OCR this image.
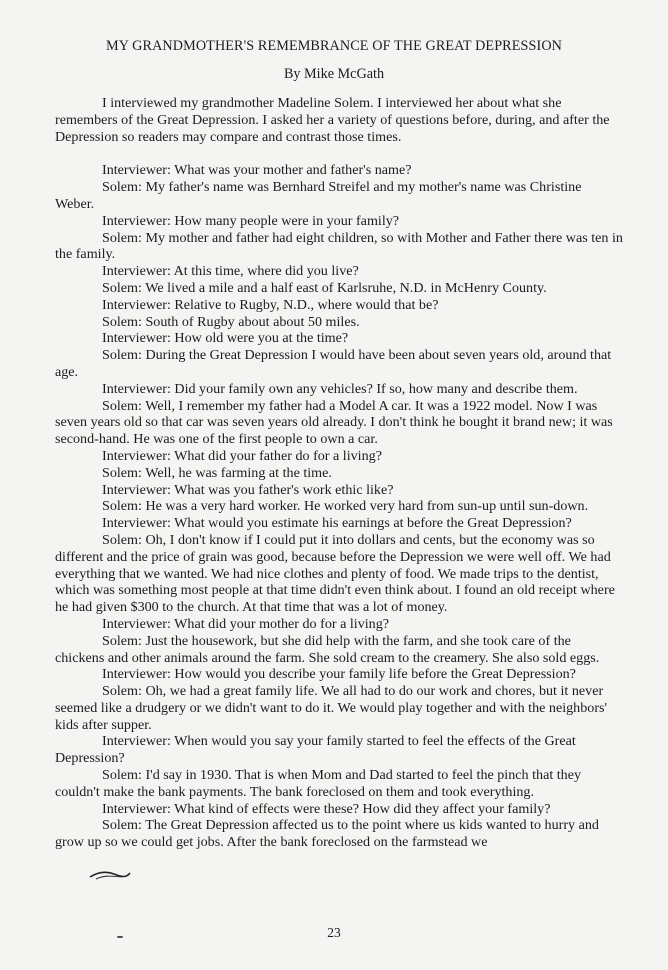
MY GRANDMOTHER'S REMEMBRANCE OF THE GREAT DEPRESSION
By Mike McGath

I interviewed my grandmother Madeline Solem. I interviewed her about what she remembers of the Great Depression. I asked her a variety of questions before, during, and after the Depression so readers may compare and contrast those times.

Interviewer: What was your mother and father's name?

Solem: My father's name was Bernhard Streifel and my mother's name was Christine Weber.

Interviewer: How many people were in your family?

Solem: My mother and father had eight children, so with Mother and Father there was ten in the family.

Interviewer: At this time, where did you live?

Solem: We lived a mile and a half east of Karlsruhe, N.D. in McHenry County.

Interviewer: Relative to Rugby, N.D., where would that be?

Solem: South of Rugby about about 50 miles.

Interviewer: How old were you at the time?

Solem: During the Great Depression I would have been about seven years old, around that age.

Interviewer: Did your family own any vehicles? If so, how many and describe them.

Solem: Well, I remember my father had a Model A car. It was a 1922 model. Now I was seven years old so that car was seven years old already. I don't think he bought it brand new; it was second-hand. He was one of the first people to own a car.

Interviewer: What did your father do for a living?

Solem: Well, he was farming at the time.

Interviewer: What was you father's work ethic like?

Solem: He was a very hard worker. He worked very hard from sun-up until sun-down.

Interviewer: What would you estimate his earnings at before the Great Depression?

Solem: Oh, I don't know if I could put it into dollars and cents, but the economy was so different and the price of grain was good, because before the Depression we were well off. We had everything that we wanted. We had nice clothes and plenty of food. We made trips to the dentist, which was something most people at that time didn't even think about. I found an old receipt where he had given $300 to the church. At that time that was a lot of money.

Interviewer: What did your mother do for a living?

Solem: Just the housework, but she did help with the farm, and she took care of the chickens and other animals around the farm. She sold cream to the creamery. She also sold eggs.

Interviewer: How would you describe your family life before the Great Depression?

Solem: Oh, we had a great family life. We all had to do our work and chores, but it never seemed like a drudgery or we didn't want to do it. We would play together and with the neighbors' kids after supper.

Interviewer: When would you say your family started to feel the effects of the Great Depression?

Solem: I'd say in 1930. That is when Mom and Dad started to feel the pinch that they couldn't make the bank payments. The bank foreclosed on them and took everything.

Interviewer: What kind of effects were these? How did they affect your family?

Solem: The Great Depression affected us to the point where us kids wanted to hurry and grow up so we could get jobs. After the bank foreclosed on the farmstead we

23
